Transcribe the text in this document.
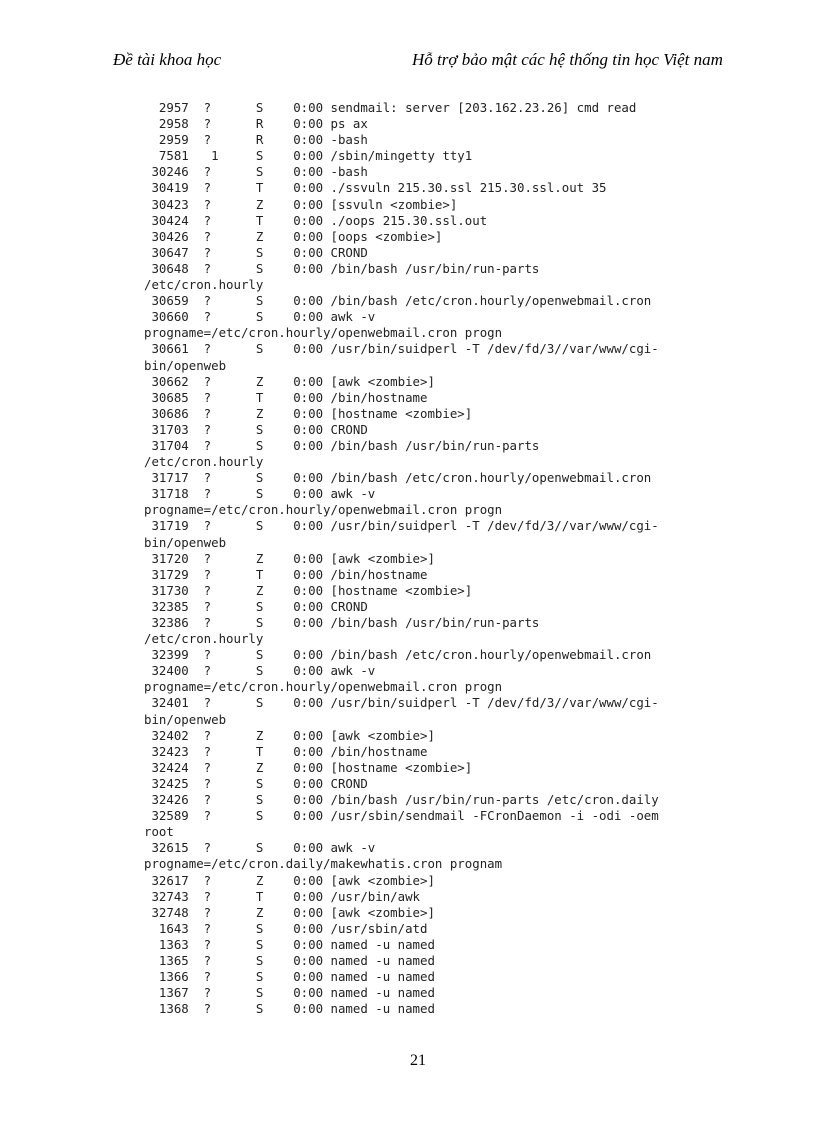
Đề tài khoa học	Hỗ trợ bảo mật các hệ thống tin học Việt nam
2957  ?      S    0:00 sendmail: server [203.162.23.26] cmd read
2958  ?      R    0:00 ps ax
2959  ?      R    0:00 -bash
7581   1     S    0:00 /sbin/mingetty tty1
30246  ?      S    0:00 -bash
30419  ?      T    0:00 ./ssvuln 215.30.ssl 215.30.ssl.out 35
30423  ?      Z    0:00 [ssvuln <zombie>]
30424  ?      T    0:00 ./oops 215.30.ssl.out
30426  ?      Z    0:00 [oops <zombie>]
30647  ?      S    0:00 CROND
30648  ?      S    0:00 /bin/bash /usr/bin/run-parts
/etc/cron.hourly
30659  ?      S    0:00 /bin/bash /etc/cron.hourly/openwebmail.cron
30660  ?      S    0:00 awk -v
progname=/etc/cron.hourly/openwebmail.cron progn
30661  ?      S    0:00 /usr/bin/suidperl -T /dev/fd/3//var/www/cgi-
bin/openweb
30662  ?      Z    0:00 [awk <zombie>]
30685  ?      T    0:00 /bin/hostname
30686  ?      Z    0:00 [hostname <zombie>]
31703  ?      S    0:00 CROND
31704  ?      S    0:00 /bin/bash /usr/bin/run-parts
/etc/cron.hourly
31717  ?      S    0:00 /bin/bash /etc/cron.hourly/openwebmail.cron
31718  ?      S    0:00 awk -v
progname=/etc/cron.hourly/openwebmail.cron progn
31719  ?      S    0:00 /usr/bin/suidperl -T /dev/fd/3//var/www/cgi-
bin/openweb
31720  ?      Z    0:00 [awk <zombie>]
31729  ?      T    0:00 /bin/hostname
31730  ?      Z    0:00 [hostname <zombie>]
32385  ?      S    0:00 CROND
32386  ?      S    0:00 /bin/bash /usr/bin/run-parts
/etc/cron.hourly
32399  ?      S    0:00 /bin/bash /etc/cron.hourly/openwebmail.cron
32400  ?      S    0:00 awk -v
progname=/etc/cron.hourly/openwebmail.cron progn
32401  ?      S    0:00 /usr/bin/suidperl -T /dev/fd/3//var/www/cgi-
bin/openweb
32402  ?      Z    0:00 [awk <zombie>]
32423  ?      T    0:00 /bin/hostname
32424  ?      Z    0:00 [hostname <zombie>]
32425  ?      S    0:00 CROND
32426  ?      S    0:00 /bin/bash /usr/bin/run-parts /etc/cron.daily
32589  ?      S    0:00 /usr/sbin/sendmail -FCronDaemon -i -odi -oem
root
32615  ?      S    0:00 awk -v
progname=/etc/cron.daily/makewhatis.cron prognam
32617  ?      Z    0:00 [awk <zombie>]
32743  ?      T    0:00 /usr/bin/awk
32748  ?      Z    0:00 [awk <zombie>]
1643  ?      S    0:00 /usr/sbin/atd
1363  ?      S    0:00 named -u named
1365  ?      S    0:00 named -u named
1366  ?      S    0:00 named -u named
1367  ?      S    0:00 named -u named
1368  ?      S    0:00 named -u named
21
